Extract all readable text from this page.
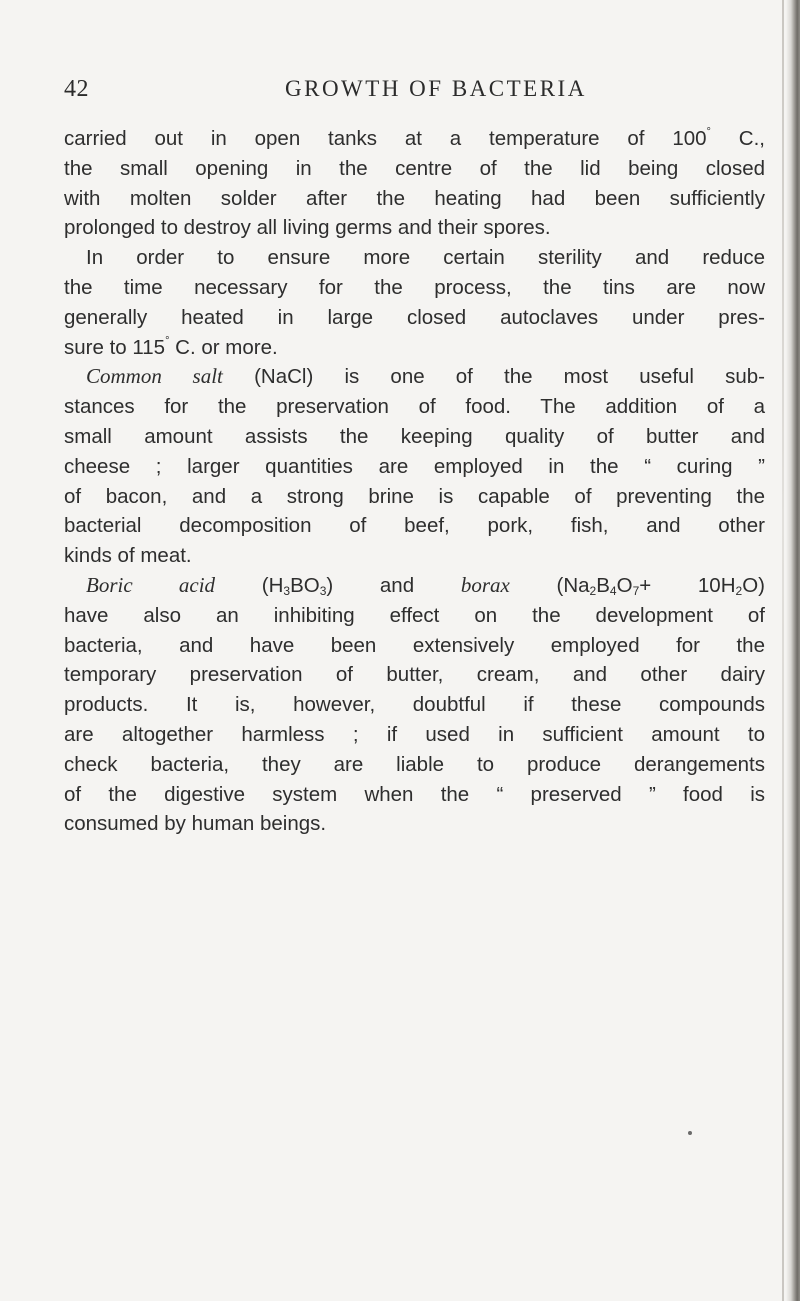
42	GROWTH OF BACTERIA
carried out in open tanks at a temperature of 100° C.,
the small opening in the centre of the lid being closed
with molten solder after the heating had been sufficiently
prolonged to destroy all living germs and their spores.
In order to ensure more certain sterility and reduce
the time necessary for the process, the tins are now
generally heated in large closed autoclaves under pres-
sure to 115° C. or more.
Common salt (NaCl) is one of the most useful sub-
stances for the preservation of food. The addition of a
small amount assists the keeping quality of butter and
cheese ; larger quantities are employed in the “ curing ”
of bacon, and a strong brine is capable of preventing the
bacterial decomposition of beef, pork, fish, and other
kinds of meat.
Boric acid $(H_3BO_3)$ and borax $(Na_2B_4O_7+ 10H_2O)$
have also an inhibiting effect on the development of
bacteria, and have been extensively employed for the
temporary preservation of butter, cream, and other dairy
products. It is, however, doubtful if these compounds
are altogether harmless ; if used in sufficient amount to
check bacteria, they are liable to produce derangements
of the digestive system when the “ preserved ” food is
consumed by human beings.
